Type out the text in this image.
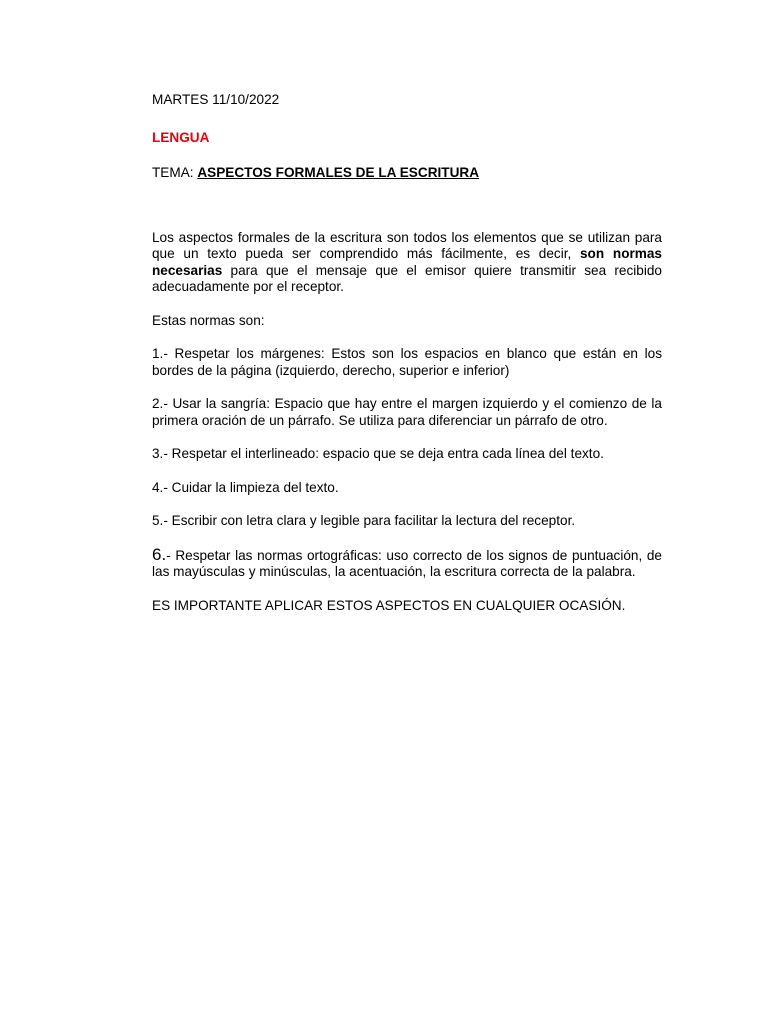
MARTES 11/10/2022

LENGUA

TEMA: ASPECTOS FORMALES DE LA ESCRITURA

Los aspectos formales de la escritura son todos los elementos que se utilizan para que un texto pueda ser comprendido más fácilmente, es decir, son normas necesarias para que el mensaje que el emisor quiere transmitir sea recibido adecuadamente por el receptor.

Estas normas son:

1.- Respetar los márgenes: Estos son los espacios en blanco que están en los bordes de la página (izquierdo, derecho, superior e inferior)

2.- Usar la sangría: Espacio que hay entre el margen izquierdo y el comienzo de la primera oración de un párrafo. Se utiliza para diferenciar un párrafo de otro.

3.- Respetar el interlineado: espacio que se deja entra cada línea del texto.

4.- Cuidar la limpieza del texto.

5.- Escribir con letra clara y legible para facilitar la lectura del receptor.

6.- Respetar las normas ortográficas: uso correcto de los signos de puntuación, de las mayúsculas y minúsculas, la acentuación, la escritura correcta de la palabra.

ES IMPORTANTE APLICAR ESTOS ASPECTOS EN CUALQUIER OCASIÓN.
